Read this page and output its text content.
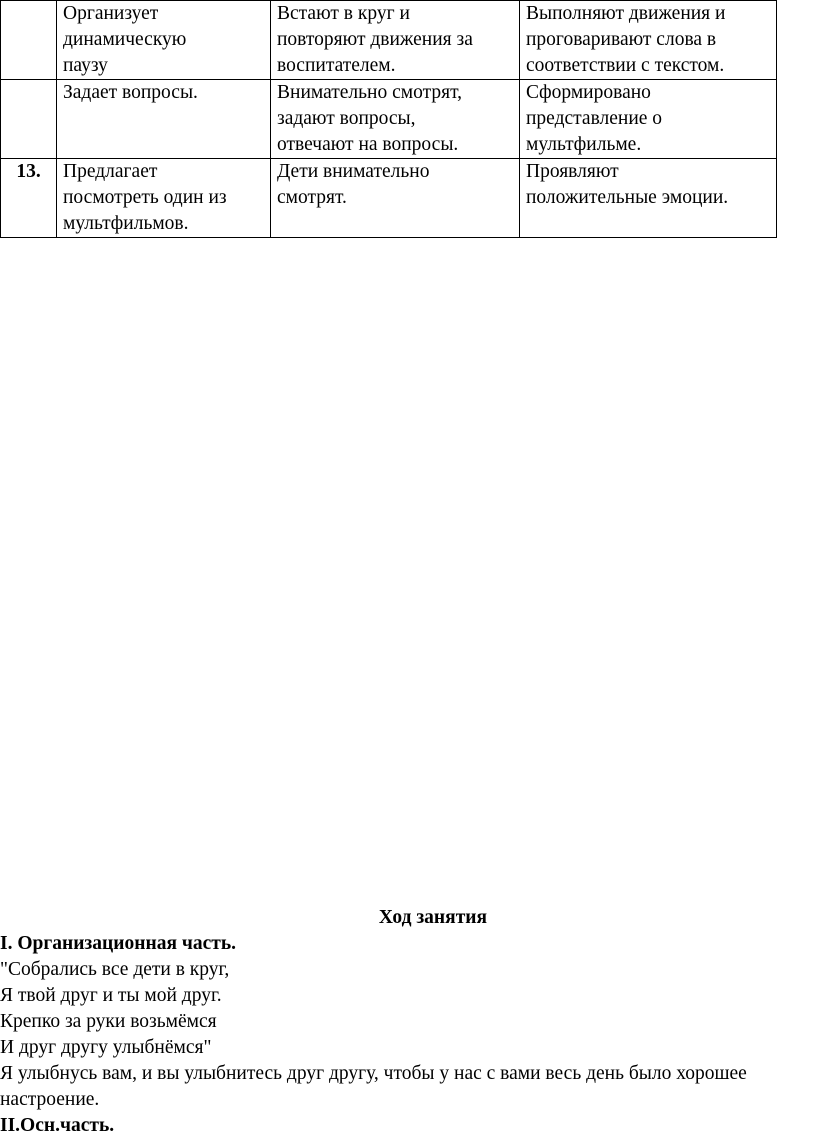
	Организует
динамическую
паузу	Встают в круг и
повторяют движения за
воспитателем.	Выполняют движения и
проговаривают слова в
соответствии с текстом.
	Задает вопросы.	Внимательно смотрят,
задают вопросы,
отвечают на вопросы.	Сформировано
представление о
мультфильме.
13.	Предлагает
посмотреть один из
мультфильмов.	Дети внимательно
смотрят.	Проявляют
положительные эмоции.

Ход занятия

I. Организационная часть.

"Собрались все дети в круг,

Я твой друг и ты мой друг.

Крепко за руки возьмёмся

И друг другу улыбнёмся"

Я улыбнусь вам, и вы улыбнитесь друг другу, чтобы у нас с вами весь день было хорошее настроение.

II.Осн.часть.
